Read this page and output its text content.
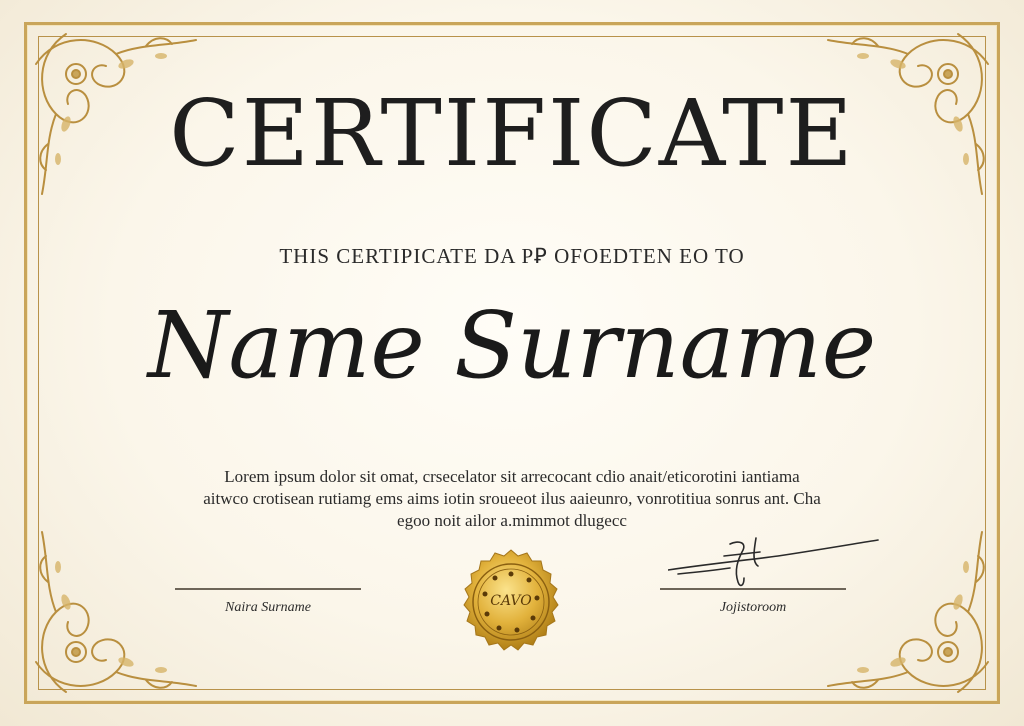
CERTIFICATE
THIS CERTIPICATE DA PꝐ OFOEDTEN EO TO
Name Surname
Lorem ipsum dolor sit omat, crsecelator sit arrecocant cdio anait/eticorotini iantiama
aitwco crotisean rutiamg ems aims iotin sroueeot ilus aaieunro, vonrotitiua sonrus ant. Cha
egoo noit ailor a.mimmot dlugecc
Naira Surname	Jojistoroom
CAVO
